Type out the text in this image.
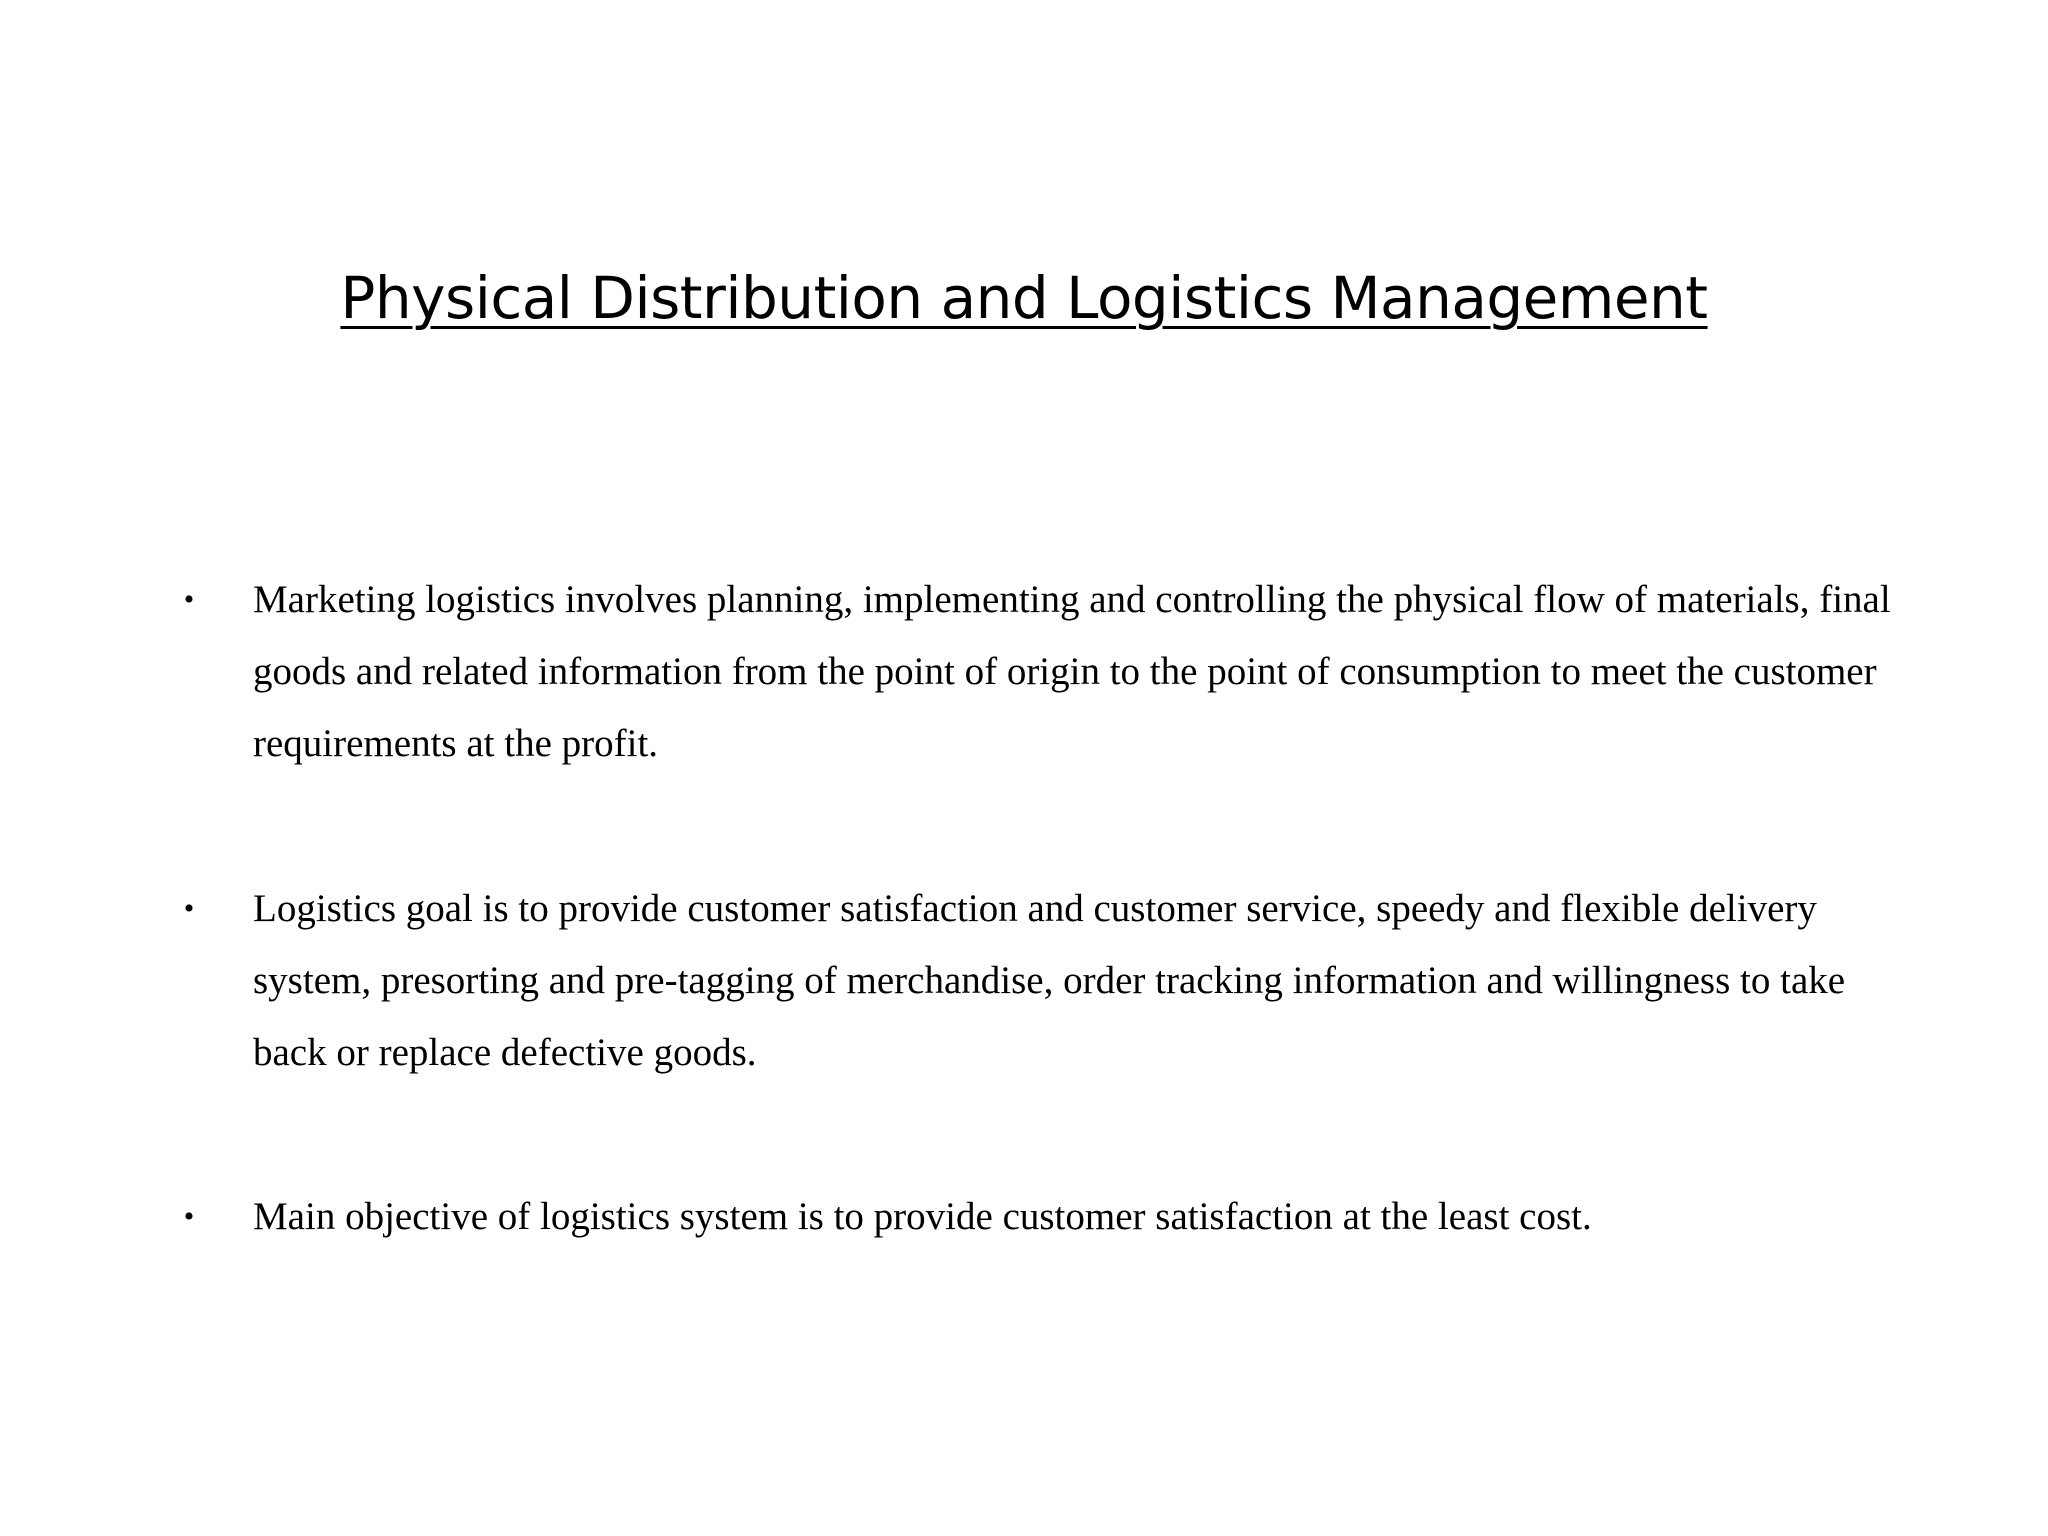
Physical Distribution and Logistics Management
• Marketing logistics involves planning, implementing and controlling the physical flow of materials, final goods and related information from the point of origin to the point of consumption to meet the customer requirements at the profit.

• Logistics goal is to provide customer satisfaction and customer service, speedy and flexible delivery system, presorting and pre-tagging of merchandise, order tracking information and willingness to take back or replace defective goods.

• Main objective of logistics system is to provide customer satisfaction at the least cost.
